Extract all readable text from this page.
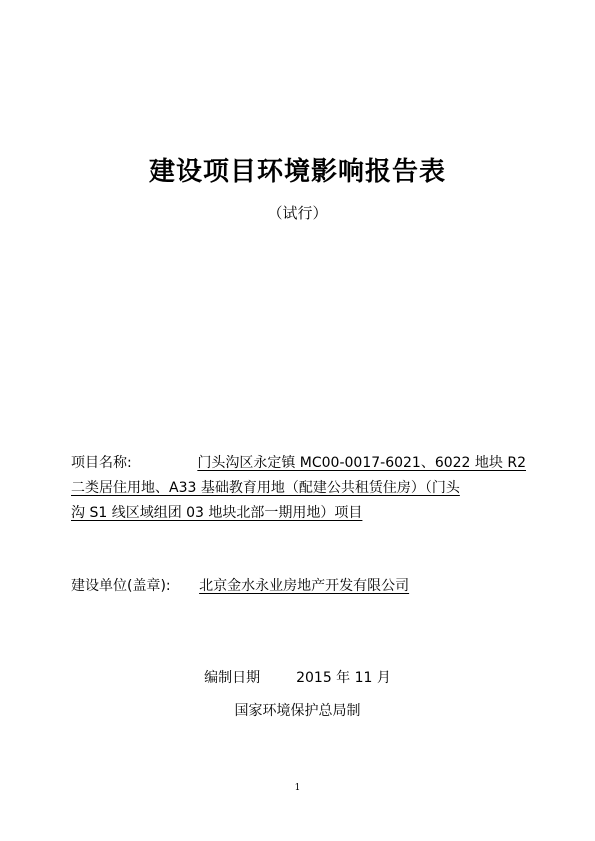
建设项目环境影响报告表
（试行）
项目名称:	门头沟区永定镇 MC00-0017-6021、6022 地块 R2
二类居住用地、A33 基础教育用地（配建公共租赁住房）（门头
沟 S1 线区域组团 03 地块北部一期用地）项目
建设单位(盖章): 北京金水永业房地产开发有限公司
编制日期	2015 年 11 月
国家环境保护总局制
1
